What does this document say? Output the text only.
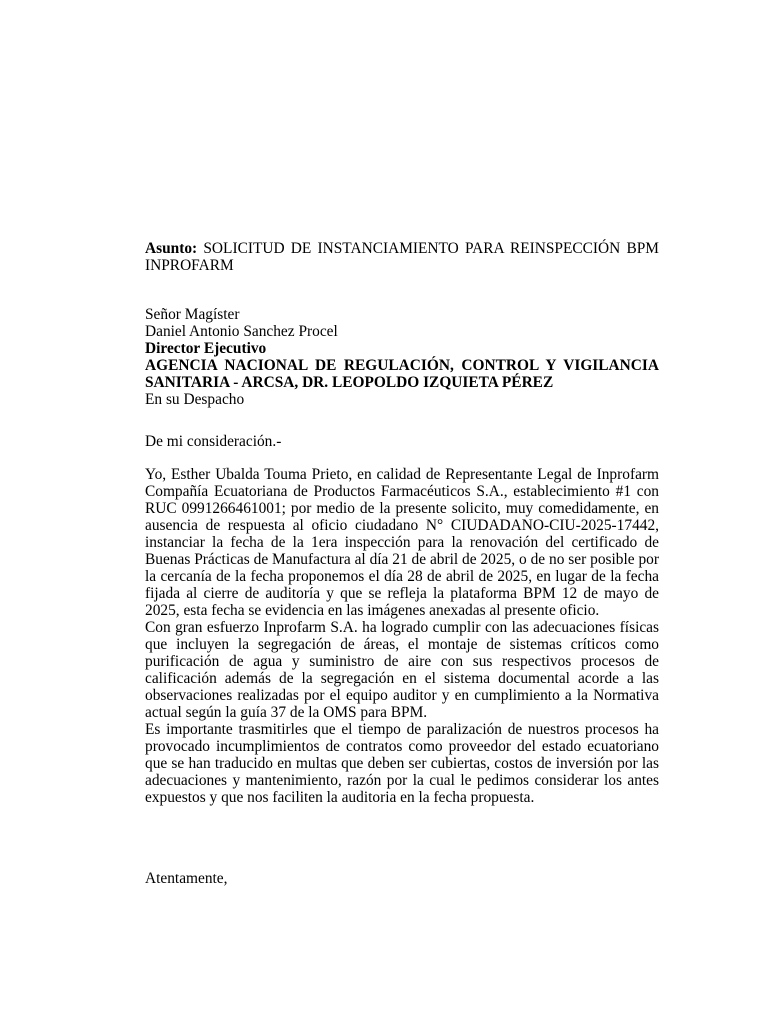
Asunto: SOLICITUD DE INSTANCIAMIENTO PARA REINSPECCIÓN BPM

INPROFARM

Señor Magíster

Daniel Antonio Sanchez Procel

Director Ejecutivo

AGENCIA NACIONAL DE REGULACIÓN, CONTROL Y VIGILANCIA SANITARIA - ARCSA, DR. LEOPOLDO IZQUIETA PÉREZ

En su Despacho

De mi consideración.-

Yo, Esther Ubalda Touma Prieto, en calidad de Representante Legal de Inprofarm Compañía Ecuatoriana de Productos Farmacéuticos S.A., establecimiento #1 con RUC 0991266461001; por medio de la presente solicito, muy comedidamente, en ausencia de respuesta al oficio ciudadano N° CIUDADANO-CIU-2025-17442, instanciar la fecha de la 1era inspección para la renovación del certificado de Buenas Prácticas de Manufactura al día 21 de abril de 2025, o de no ser posible por la cercanía de la fecha proponemos el día 28 de abril de 2025, en lugar de la fecha fijada al cierre de auditoría y que se refleja la plataforma BPM 12 de mayo de 2025, esta fecha se evidencia en las imágenes anexadas al presente oficio.

Con gran esfuerzo Inprofarm S.A. ha logrado cumplir con las adecuaciones físicas que incluyen la segregación de áreas, el montaje de sistemas críticos como purificación de agua y suministro de aire con sus respectivos procesos de calificación además de la segregación en el sistema documental acorde a las observaciones realizadas por el equipo auditor y en cumplimiento a la Normativa actual según la guía 37 de la OMS para BPM.

Es importante trasmitirles que el tiempo de paralización de nuestros procesos ha provocado incumplimientos de contratos como proveedor del estado ecuatoriano que se han traducido en multas que deben ser cubiertas, costos de inversión por las adecuaciones y mantenimiento, razón por la cual le pedimos considerar los antes expuestos y que nos faciliten la auditoria en la fecha propuesta.

Atentamente,
